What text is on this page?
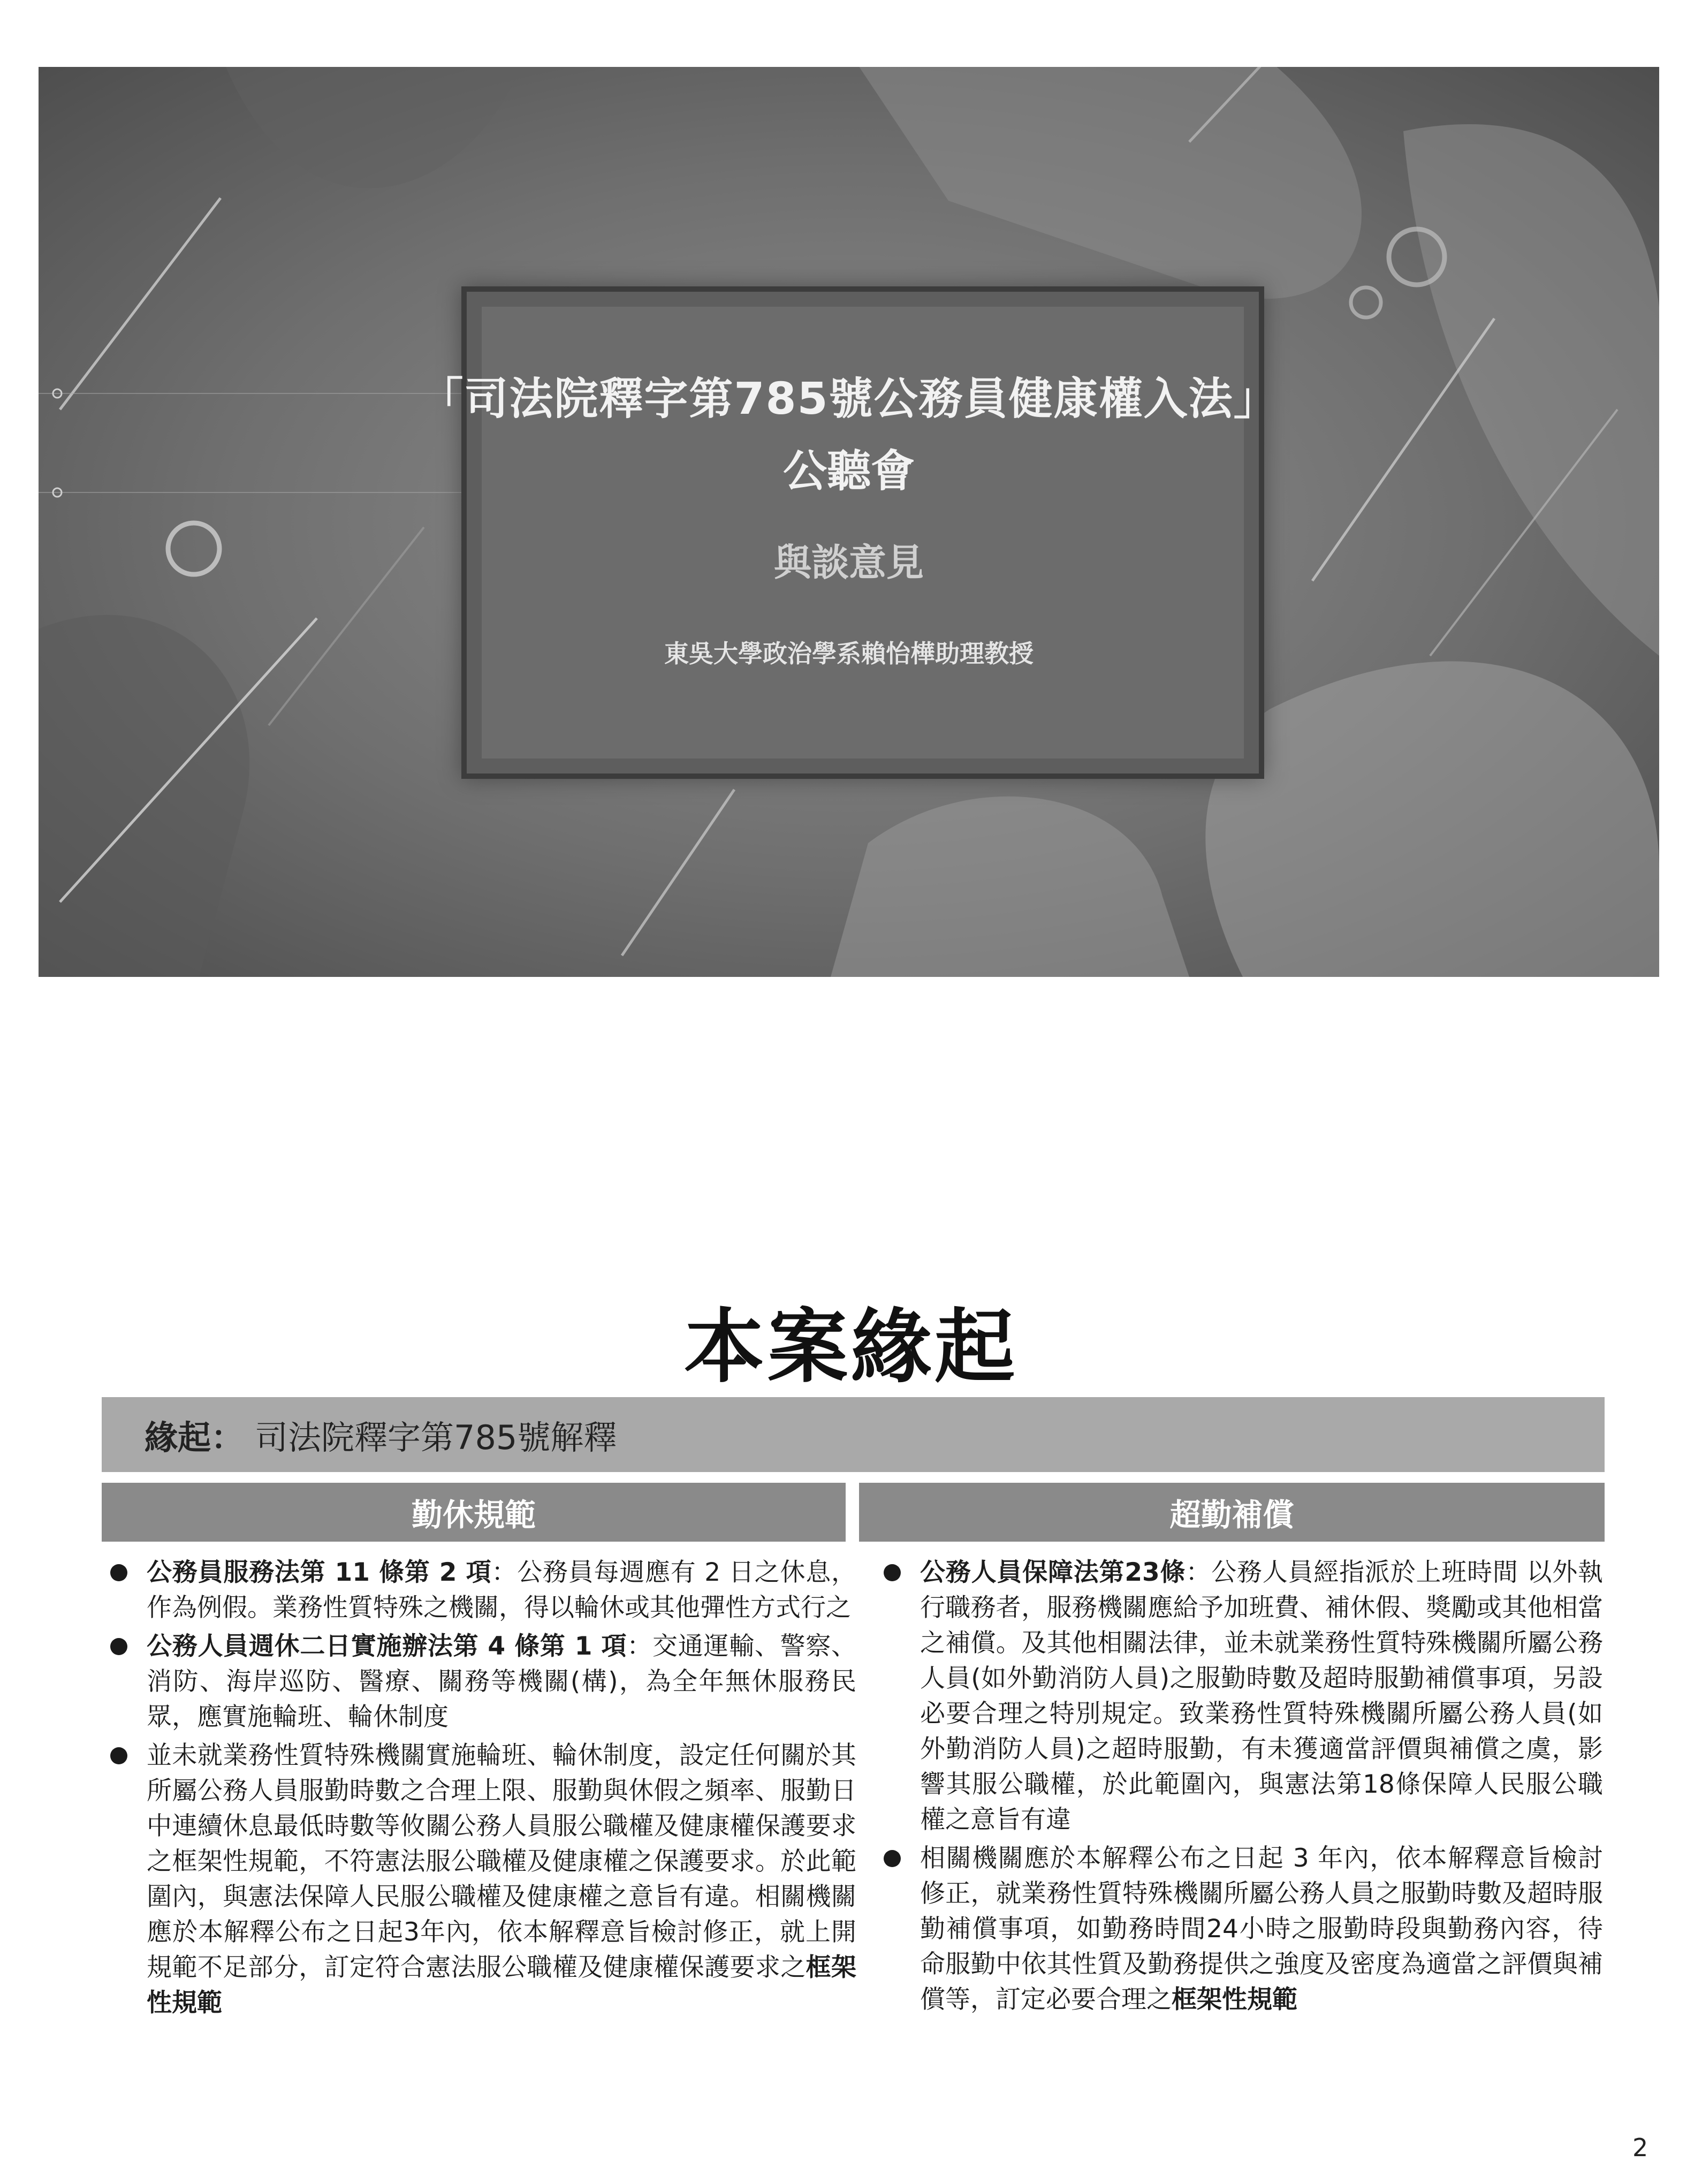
「司法院釋字第785號公務員健康權入法」
公聽會
與談意見
東吳大學政治學系賴怡樺助理教授
本案緣起
緣起： 司法院釋字第785號解釋
勤休規範	超勤補償
公務員服務法第 11 條第 2 項：公務員每週應有 2 日之休息，作為例假。業務性質特殊之機關，得以輪休或其他彈性方式行之
公務人員週休二日實施辦法第 4 條第 1 項：交通運輸、警察、消防、海岸巡防、醫療、關務等機關(構)，為全年無休服務民眾，應實施輪班、輪休制度
並未就業務性質特殊機關實施輪班、輪休制度，設定任何關於其所屬公務人員服勤時數之合理上限、服勤與休假之頻率、服勤日中連續休息最低時數等攸關公務人員服公職權及健康權保護要求之框架性規範，不符憲法服公職權及健康權之保護要求。於此範圍內，與憲法保障人民服公職權及健康權之意旨有違。相關機關應於本解釋公布之日起3年內，依本解釋意旨檢討修正，就上開規範不足部分，訂定符合憲法服公職權及健康權保護要求之框架性規範
公務人員保障法第23條：公務人員經指派於上班時間 以外執行職務者，服務機關應給予加班費、補休假、獎勵或其他相當之補償。及其他相關法律，並未就業務性質特殊機關所屬公務人員(如外勤消防人員)之服勤時數及超時服勤補償事項，另設必要合理之特別規定。致業務性質特殊機關所屬公務人員(如外勤消防人員)之超時服勤，有未獲適當評價與補償之虞，影響其服公職權，於此範圍內，與憲法第18條保障人民服公職權之意旨有違
相關機關應於本解釋公布之日起 3 年內，依本解釋意旨檢討修正，就業務性質特殊機關所屬公務人員之服勤時數及超時服勤補償事項，如勤務時間24小時之服勤時段與勤務內容，待命服勤中依其性質及勤務提供之強度及密度為適當之評價與補償等，訂定必要合理之框架性規範
2
